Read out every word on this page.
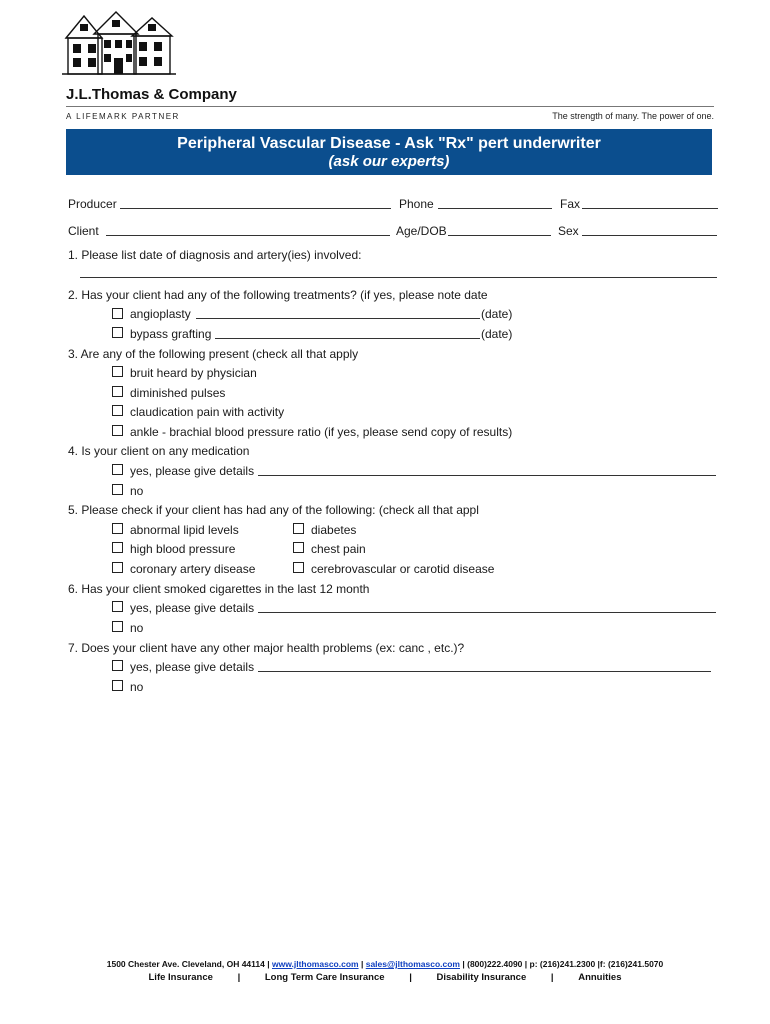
J.L.Thomas & Company
A LIFEMARK PARTNER	The strength of many. The power of one.
Peripheral Vascular Disease - Ask "Rx" pert underwriter
(ask our experts)
Producer	Phone	Fax
Client	Age/DOB	Sex
1. Please list date of diagnosis and artery(ies) involved:
2. Has your client had any of the following treatments? (if yes, please note date
angioplasty	(date)
bypass grafting	(date)
3. Are any of the following present (check all that apply
bruit heard by physician
diminished pulses
claudication pain with activity
ankle - brachial blood pressure ratio (if yes, please send copy of results)
4. Is your client on any medication
yes, please give details
no
5. Please check if your client has had any of the following: (check all that appl
abnormal lipid levels	diabetes
high blood pressure	chest pain
coronary artery disease	cerebrovascular or carotid disease
6. Has your client smoked cigarettes in the last 12 month
yes, please give details
no
7. Does your client have any other major health problems (ex: canc , etc.)?
yes, please give details
no
1500 Chester Ave. Cleveland, OH 44114 | www.jlthomasco.com | sales@jlthomasco.com | (800)222.4090 | p: (216)241.2300 |f: (216)241.5070
Life Insurance	|	Long Term Care Insurance	|	Disability Insurance	|	Annuities
